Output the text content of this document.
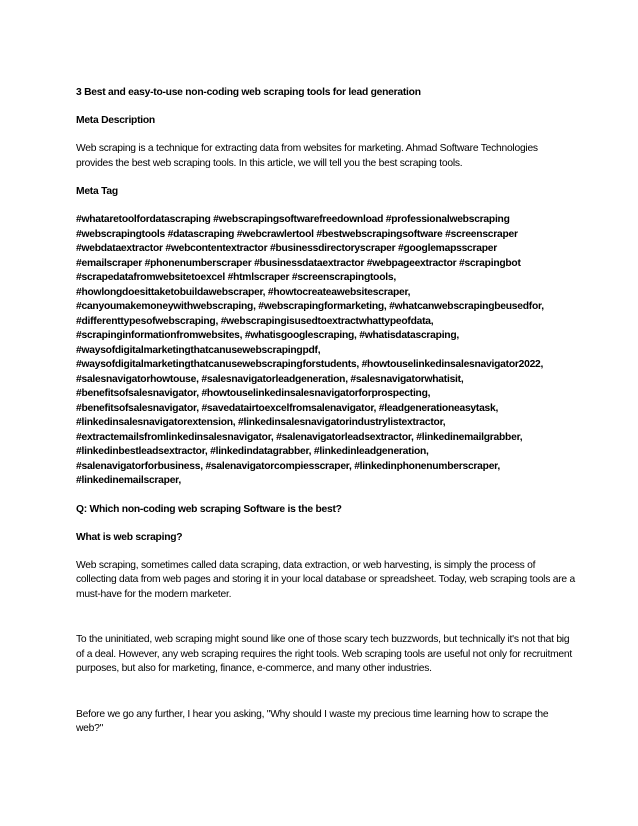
3 Best and easy-to-use non-coding web scraping tools for lead generation

Meta Description

Web scraping is a technique for extracting data from websites for marketing. Ahmad Software Technologies provides the best web scraping tools. In this article, we will tell you the best scraping tools.

Meta Tag

#whataretoolfordatascraping #webscrapingsoftwarefreedownload #professionalwebscraping
#webscrapingtools #datascraping #webcrawlertool #bestwebscrapingsoftware #screenscraper
#webdataextractor #webcontentextractor #businessdirectoryscraper #googlemapsscraper
#emailscraper #phonenumberscraper #businessdataextractor #webpageextractor #scrapingbot
#scrapedatafromwebsitetoexcel #htmlscraper #screenscrapingtools,
#howlongdoesittaketobuildawebscraper, #howtocreateawebsitescraper,
#canyoumakemoneywithwebscraping, #webscrapingformarketing, #whatcanwebscrapingbeusedfor,
#differenttypesofwebscraping, #webscrapingisusedtoextractwhattypeofdata,
#scrapinginformationfromwebsites, #whatisgooglescraping, #whatisdatascraping,
#waysofdigitalmarketingthatcanusewebscrapingpdf,
#waysofdigitalmarketingthatcanusewebscrapingforstudents, #howtouselinkedinsalesnavigator2022,
#salesnavigatorhowtouse, #salesnavigatorleadgeneration, #salesnavigatorwhatisit,
#benefitsofsalesnavigator, #howtouselinkedinsalesnavigatorforprospecting,
#benefitsofsalesnavigator, #savedatairtoexcelfromsalenavigator, #leadgenerationeasytask,
#linkedinsalesnavigatorextension, #linkedinsalesnavigatorindustrylistextractor,
#extractemailsfromlinkedinsalesnavigator, #salenavigatorleadsextractor, #linkedinemailgrabber,
#linkedinbestleadsextractor, #linkedindatagrabber, #linkedinleadgeneration,
#salenavigatorforbusiness, #salenavigatorcompiesscraper, #linkedinphonenumberscraper,
#linkedinemailscraper,

Q: Which non-coding web scraping Software is the best?

What is web scraping?

Web scraping, sometimes called data scraping, data extraction, or web harvesting, is simply the process of collecting data from web pages and storing it in your local database or spreadsheet. Today, web scraping tools are a must-have for the modern marketer.

To the uninitiated, web scraping might sound like one of those scary tech buzzwords, but technically it's not that big of a deal. However, any web scraping requires the right tools. Web scraping tools are useful not only for recruitment purposes, but also for marketing, finance, e-commerce, and many other industries.

Before we go any further, I hear you asking, "Why should I waste my precious time learning how to scrape the web?"
